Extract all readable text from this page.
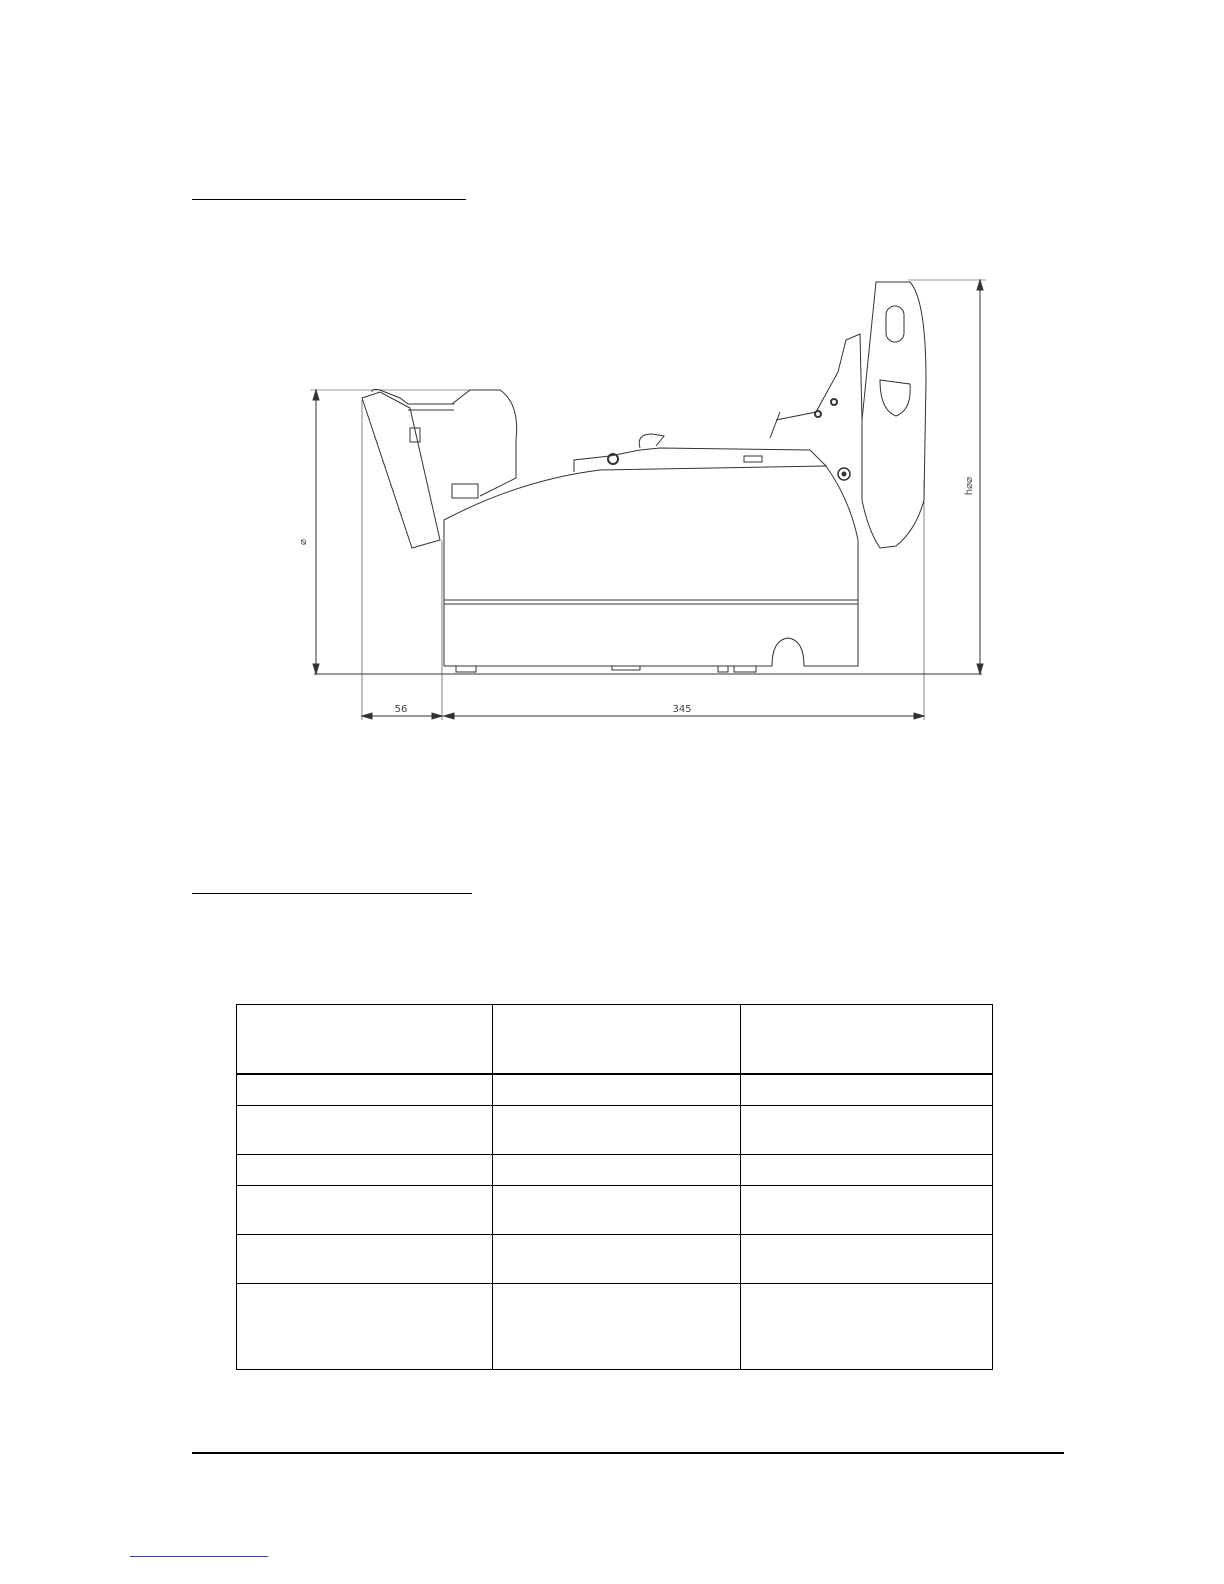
56	345
⌀
h⌀⌀
